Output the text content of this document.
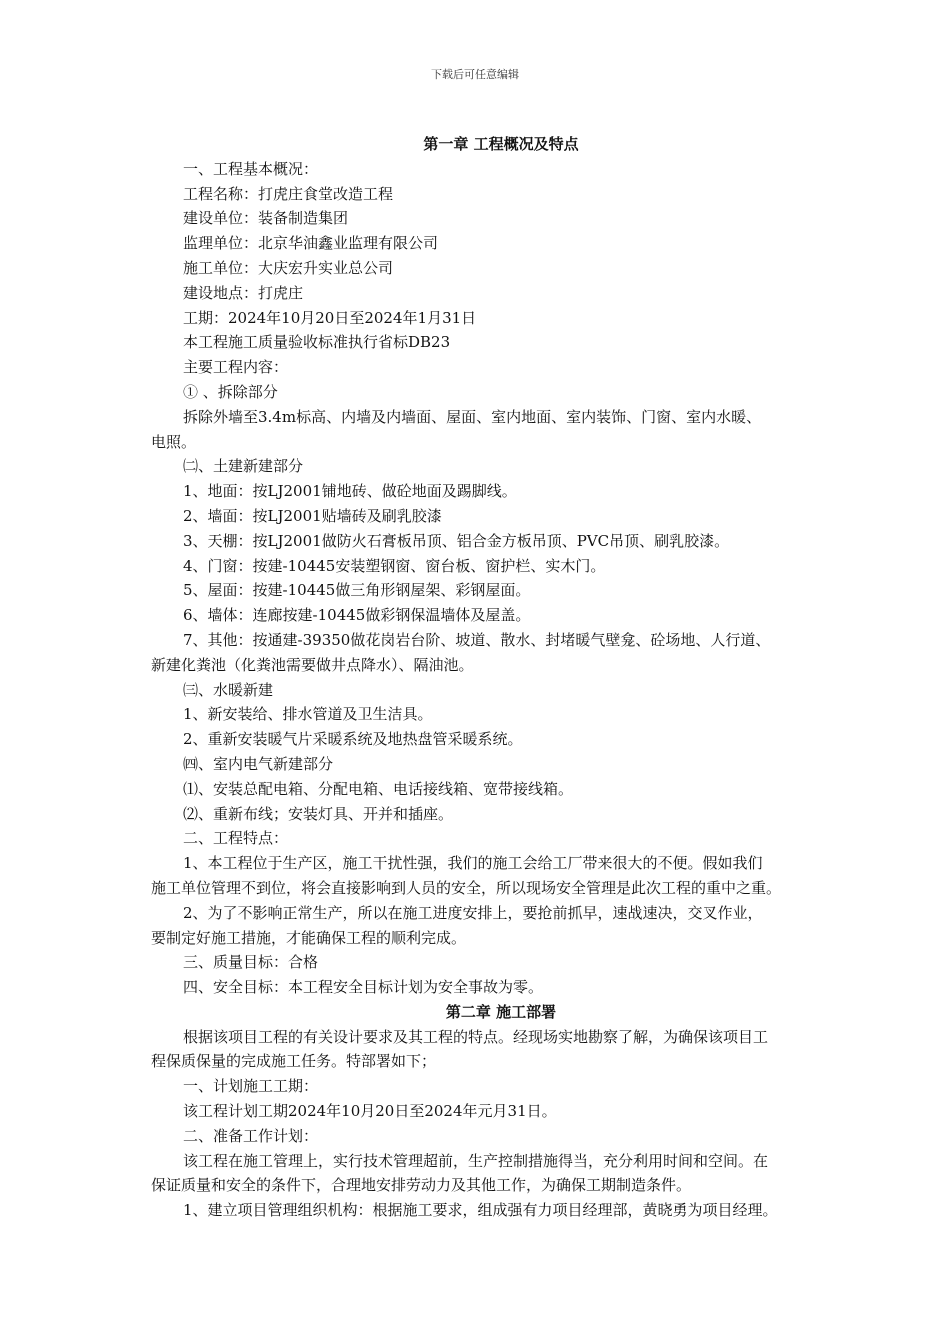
下载后可任意编辑
第一章 工程概况及特点
一、工程基本概况：
工程名称：打虎庄食堂改造工程
建设单位：装备制造集团
监理单位：北京华油鑫业监理有限公司
施工单位：大庆宏升实业总公司
建设地点：打虎庄
工期：2024年10月20日至2024年1月31日
本工程施工质量验收标准执行省标DB23
主要工程内容：
① 、拆除部分
拆除外墙至3.4m标高、内墙及内墙面、屋面、室内地面、室内装饰、门窗、室内水暖、
电照。
㈡、土建新建部分
1、地面：按LJ2001铺地砖、做砼地面及踢脚线。
2、墙面：按LJ2001贴墙砖及刷乳胶漆
3、天棚：按LJ2001做防火石膏板吊顶、铝合金方板吊顶、PVC吊顶、刷乳胶漆。
4、门窗：按建-10445安装塑钢窗、窗台板、窗护栏、实木门。
5、屋面：按建-10445做三角形钢屋架、彩钢屋面。
6、墙体：连廊按建-10445做彩钢保温墙体及屋盖。
7、其他：按通建-39350做花岗岩台阶、坡道、散水、封堵暖气壁龛、砼场地、人行道、
新建化粪池（化粪池需要做井点降水）、隔油池。
㈢、水暖新建
1、新安装给、排水管道及卫生洁具。
2、重新安装暖气片采暖系统及地热盘管采暖系统。
㈣、室内电气新建部分
⑴、安装总配电箱、分配电箱、电话接线箱、宽带接线箱。
⑵、重新布线；安装灯具、开并和插座。
二、工程特点：
1、本工程位于生产区，施工干扰性强，我们的施工会给工厂带来很大的不便。假如我们
施工单位管理不到位，将会直接影响到人员的安全，所以现场安全管理是此次工程的重中之重。
2、为了不影响正常生产，所以在施工进度安排上，要抢前抓早，速战速决，交叉作业，
要制定好施工措施，才能确保工程的顺利完成。
三、质量目标：合格
四、安全目标：本工程安全目标计划为安全事故为零。
第二章 施工部署
根据该项目工程的有关设计要求及其工程的特点。经现场实地勘察了解，为确保该项目工
程保质保量的完成施工任务。特部署如下；
一、计划施工工期：
该工程计划工期2024年10月20日至2024年元月31日。
二、准备工作计划：
该工程在施工管理上，实行技术管理超前，生产控制措施得当，充分利用时间和空间。在
保证质量和安全的条件下，合理地安排劳动力及其他工作，为确保工期制造条件。
1、建立项目管理组织机构：根据施工要求，组成强有力项目经理部，黄晓勇为项目经理。
